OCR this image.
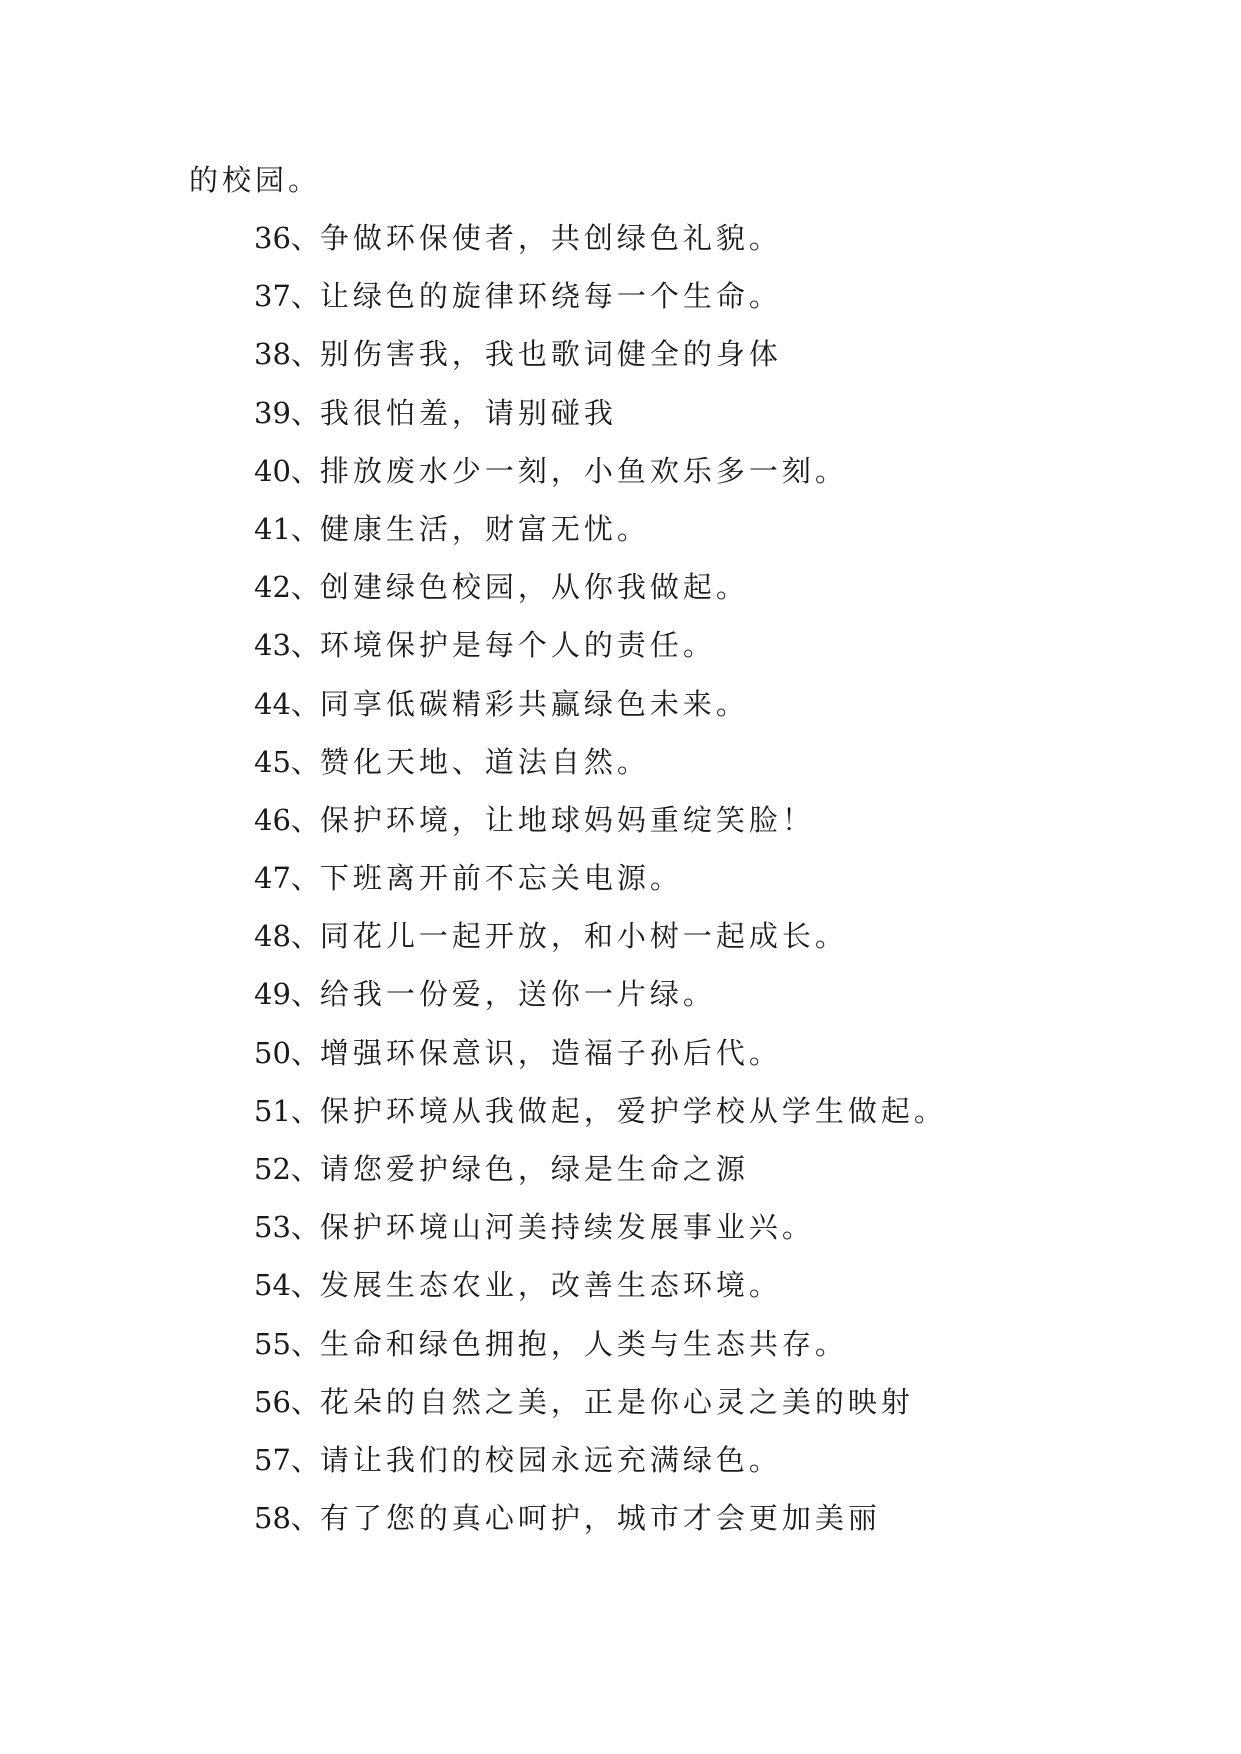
的校园。
36、争做环保使者，共创绿色礼貌。
37、让绿色的旋律环绕每一个生命。
38、别伤害我，我也歌词健全的身体
39、我很怕羞，请别碰我
40、排放废水少一刻，小鱼欢乐多一刻。
41、健康生活，财富无忧。
42、创建绿色校园，从你我做起。
43、环境保护是每个人的责任。
44、同享低碳精彩共赢绿色未来。
45、赞化天地、道法自然。
46、保护环境，让地球妈妈重绽笑脸！
47、下班离开前不忘关电源。
48、同花儿一起开放，和小树一起成长。
49、给我一份爱，送你一片绿。
50、增强环保意识，造福子孙后代。
51、保护环境从我做起，爱护学校从学生做起。
52、请您爱护绿色，绿是生命之源
53、保护环境山河美持续发展事业兴。
54、发展生态农业，改善生态环境。
55、生命和绿色拥抱，人类与生态共存。
56、花朵的自然之美，正是你心灵之美的映射
57、请让我们的校园永远充满绿色。
58、有了您的真心呵护，城市才会更加美丽
